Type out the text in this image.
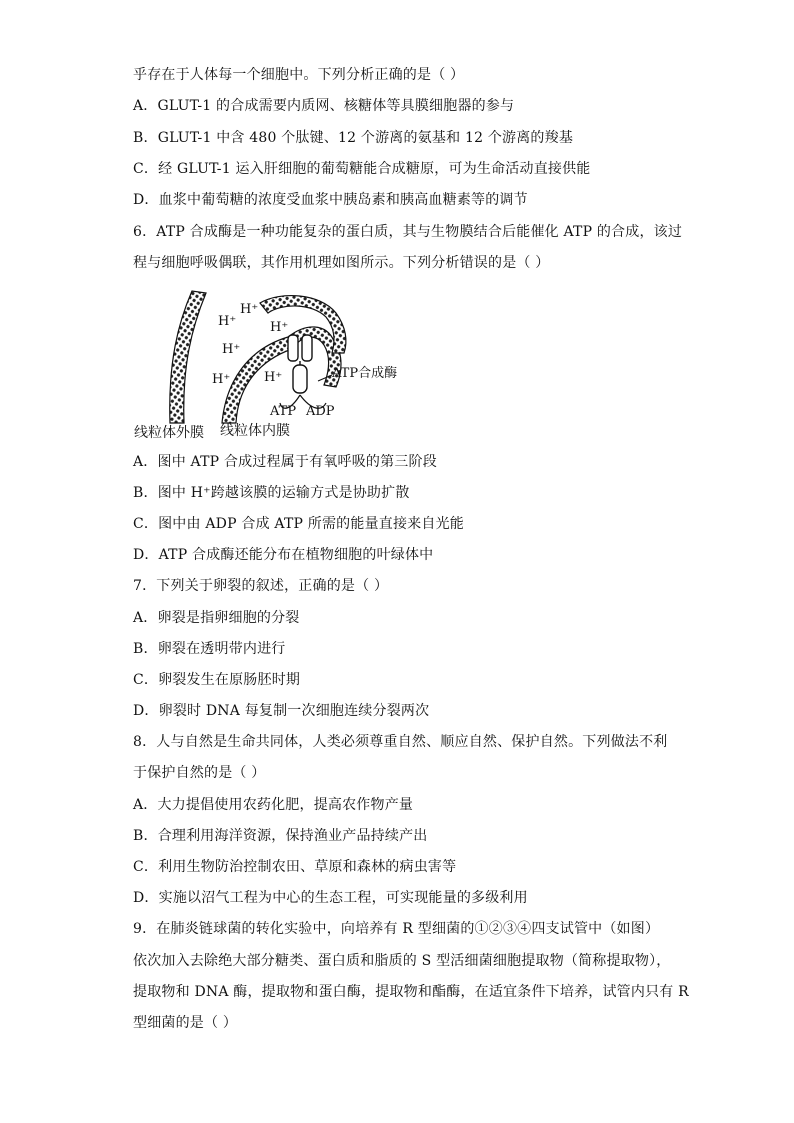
乎存在于人体每一个细胞中。下列分析正确的是（ ）
A．GLUT-1 的合成需要内质网、核糖体等具膜细胞器的参与
B．GLUT-1 中含 480 个肽键、12 个游离的氨基和 12 个游离的羧基
C．经 GLUT-1 运入肝细胞的葡萄糖能合成糖原，可为生命活动直接供能
D．血浆中葡萄糖的浓度受血浆中胰岛素和胰高血糖素等的调节
6．ATP 合成酶是一种功能复杂的蛋白质，其与生物膜结合后能催化 ATP 的合成，该过
程与细胞呼吸偶联，其作用机理如图所示。下列分析错误的是（ ）
H⁺
H⁺
H⁺
H⁺
H⁺
H⁺	ATP合成酶
ATP ADP
线粒体外膜 线粒体内膜
A．图中 ATP 合成过程属于有氧呼吸的第三阶段
B．图中 H⁺跨越该膜的运输方式是协助扩散
C．图中由 ADP 合成 ATP 所需的能量直接来自光能
D．ATP 合成酶还能分布在植物细胞的叶绿体中
7．下列关于卵裂的叙述，正确的是（ ）
A．卵裂是指卵细胞的分裂
B．卵裂在透明带内进行
C．卵裂发生在原肠胚时期
D．卵裂时 DNA 每复制一次细胞连续分裂两次
8．人与自然是生命共同体，人类必须尊重自然、顺应自然、保护自然。下列做法不利
于保护自然的是（ ）
A．大力提倡使用农药化肥，提高农作物产量
B．合理利用海洋资源，保持渔业产品持续产出
C．利用生物防治控制农田、草原和森林的病虫害等
D．实施以沼气工程为中心的生态工程，可实现能量的多级利用
9．在肺炎链球菌的转化实验中，向培养有 R 型细菌的①②③④四支试管中（如图）
依次加入去除绝大部分糖类、蛋白质和脂质的 S 型活细菌细胞提取物（简称提取物），
提取物和 DNA 酶，提取物和蛋白酶，提取物和酯酶，在适宜条件下培养，试管内只有 R
型细菌的是（ ）
